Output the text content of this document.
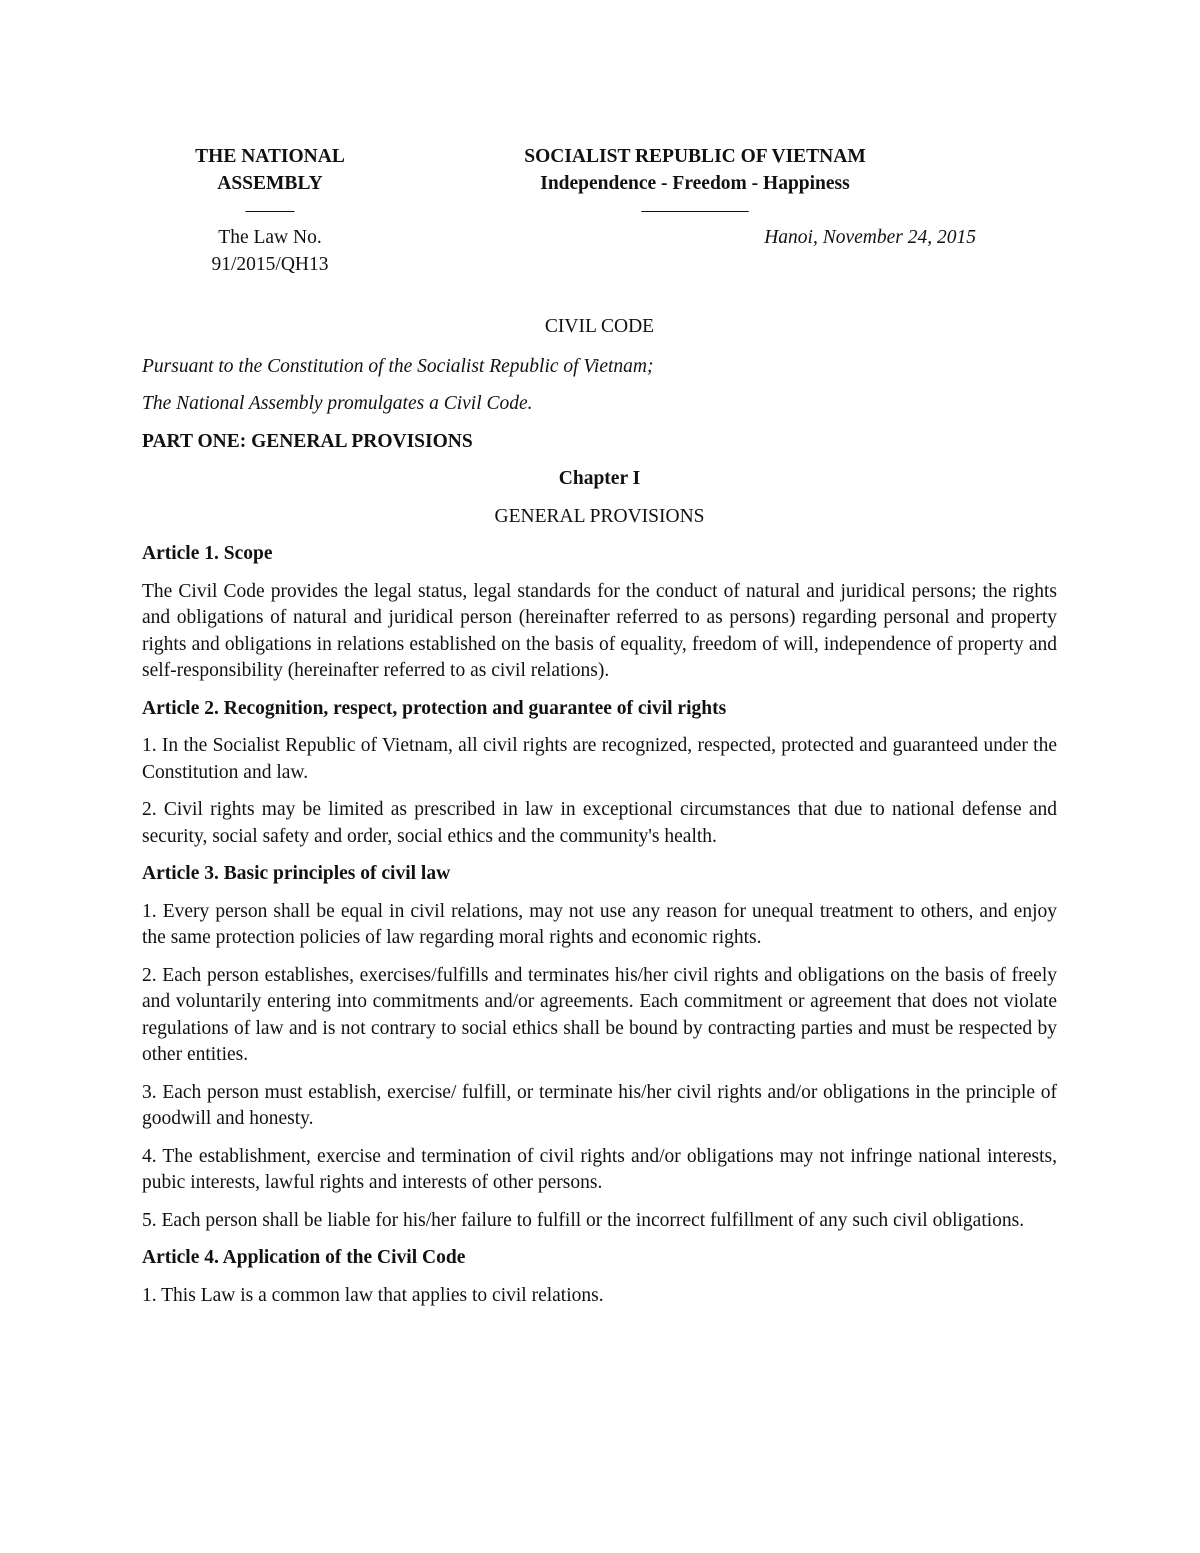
THE NATIONAL
ASSEMBLY
——–
The Law No.
91/2015/QH13
SOCIALIST REPUBLIC OF VIETNAM
Independence - Freedom - Happiness
—————–
Hanoi, November 24, 2015

CIVIL CODE

Pursuant to the Constitution of the Socialist Republic of Vietnam;

The National Assembly promulgates a Civil Code.

PART ONE: GENERAL PROVISIONS

Chapter I

GENERAL PROVISIONS

Article 1. Scope

The Civil Code provides the legal status, legal standards for the conduct of natural and juridical persons; the rights and obligations of natural and juridical person (hereinafter referred to as persons) regarding personal and property rights and obligations in relations established on the basis of equality, freedom of will, independence of property and self-responsibility (hereinafter referred to as civil relations).

Article 2. Recognition, respect, protection and guarantee of civil rights

1. In the Socialist Republic of Vietnam, all civil rights are recognized, respected, protected and guaranteed under the Constitution and law.

2. Civil rights may be limited as prescribed in law in exceptional circumstances that due to national defense and security, social safety and order, social ethics and the community's health.

Article 3. Basic principles of civil law

1. Every person shall be equal in civil relations, may not use any reason for unequal treatment to others, and enjoy the same protection policies of law regarding moral rights and economic rights.

2. Each person establishes, exercises/fulfills and terminates his/her civil rights and obligations on the basis of freely and voluntarily entering into commitments and/or agreements. Each commitment or agreement that does not violate regulations of law and is not contrary to social ethics shall be bound by contracting parties and must be respected by other entities.

3. Each person must establish, exercise/ fulfill, or terminate his/her civil rights and/or obligations in the principle of goodwill and honesty.

4. The establishment, exercise and termination of civil rights and/or obligations may not infringe national interests, pubic interests, lawful rights and interests of other persons.

5. Each person shall be liable for his/her failure to fulfill or the incorrect fulfillment of any such civil obligations.

Article 4. Application of the Civil Code

1. This Law is a common law that applies to civil relations.
